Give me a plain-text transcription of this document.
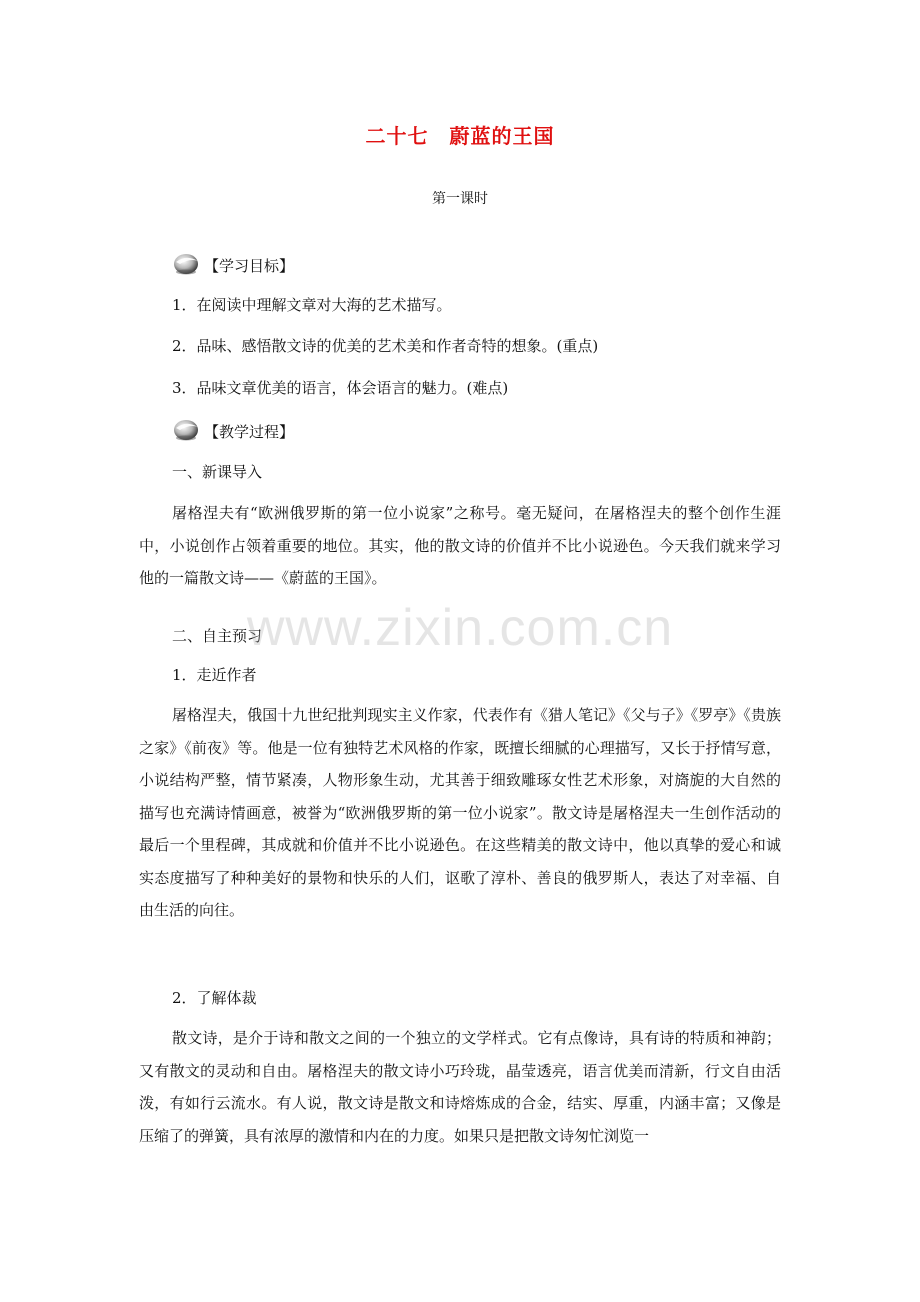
二十七　蔚蓝的王国
第一课时
【学习目标】
1．在阅读中理解文章对大海的艺术描写。
2．品味、感悟散文诗的优美的艺术美和作者奇特的想象。(重点)
3．品味文章优美的语言，体会语言的魅力。(难点)
【教学过程】
一、新课导入
屠格涅夫有“欧洲俄罗斯的第一位小说家”之称号。毫无疑问，在屠格涅夫的整个创作生涯中，小说创作占领着重要的地位。其实，他的散文诗的价值并不比小说逊色。今天我们就来学习他的一篇散文诗——《蔚蓝的王国》。
二、自主预习
1．走近作者
屠格涅夫，俄国十九世纪批判现实主义作家，代表作有《猎人笔记》《父与子》《罗亭》《贵族之家》《前夜》等。他是一位有独特艺术风格的作家，既擅长细腻的心理描写，又长于抒情写意，小说结构严整，情节紧凑，人物形象生动，尤其善于细致雕琢女性艺术形象，对旖旎的大自然的描写也充满诗情画意，被誉为“欧洲俄罗斯的第一位小说家”。散文诗是屠格涅夫一生创作活动的最后一个里程碑，其成就和价值并不比小说逊色。在这些精美的散文诗中，他以真挚的爱心和诚实态度描写了种种美好的景物和快乐的人们，讴歌了淳朴、善良的俄罗斯人，表达了对幸福、自由生活的向往。
2．了解体裁
散文诗，是介于诗和散文之间的一个独立的文学样式。它有点像诗，具有诗的特质和神韵；又有散文的灵动和自由。屠格涅夫的散文诗小巧玲珑，晶莹透亮，语言优美而清新，行文自由活泼，有如行云流水。有人说，散文诗是散文和诗熔炼成的合金，结实、厚重，内涵丰富；又像是压缩了的弹簧，具有浓厚的激情和内在的力度。如果只是把散文诗匆忙浏览一
www.zixin.com.cn
